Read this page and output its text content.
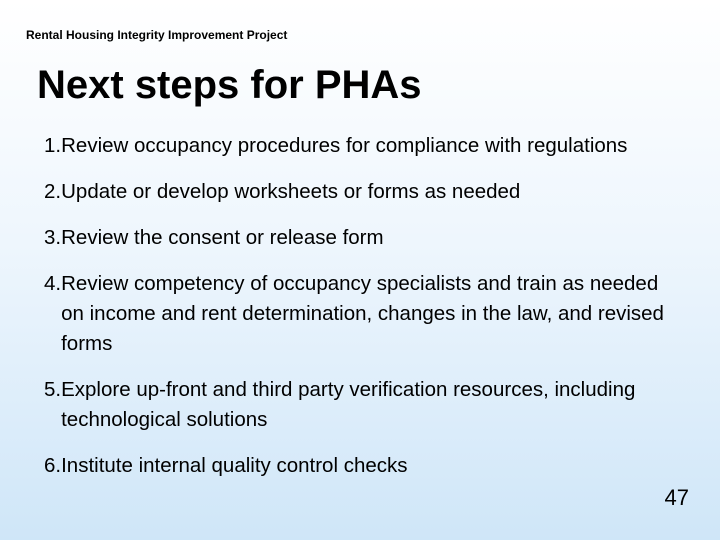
Rental Housing Integrity Improvement Project
Next steps for PHAs
1. Review occupancy procedures for compliance with regulations
2. Update or develop worksheets or forms as needed
3. Review the consent or release form
4. Review competency of occupancy specialists and train as needed on income and rent determination, changes in the law, and revised forms
5. Explore up-front and third party verification resources, including technological solutions
6. Institute internal quality control checks
47
